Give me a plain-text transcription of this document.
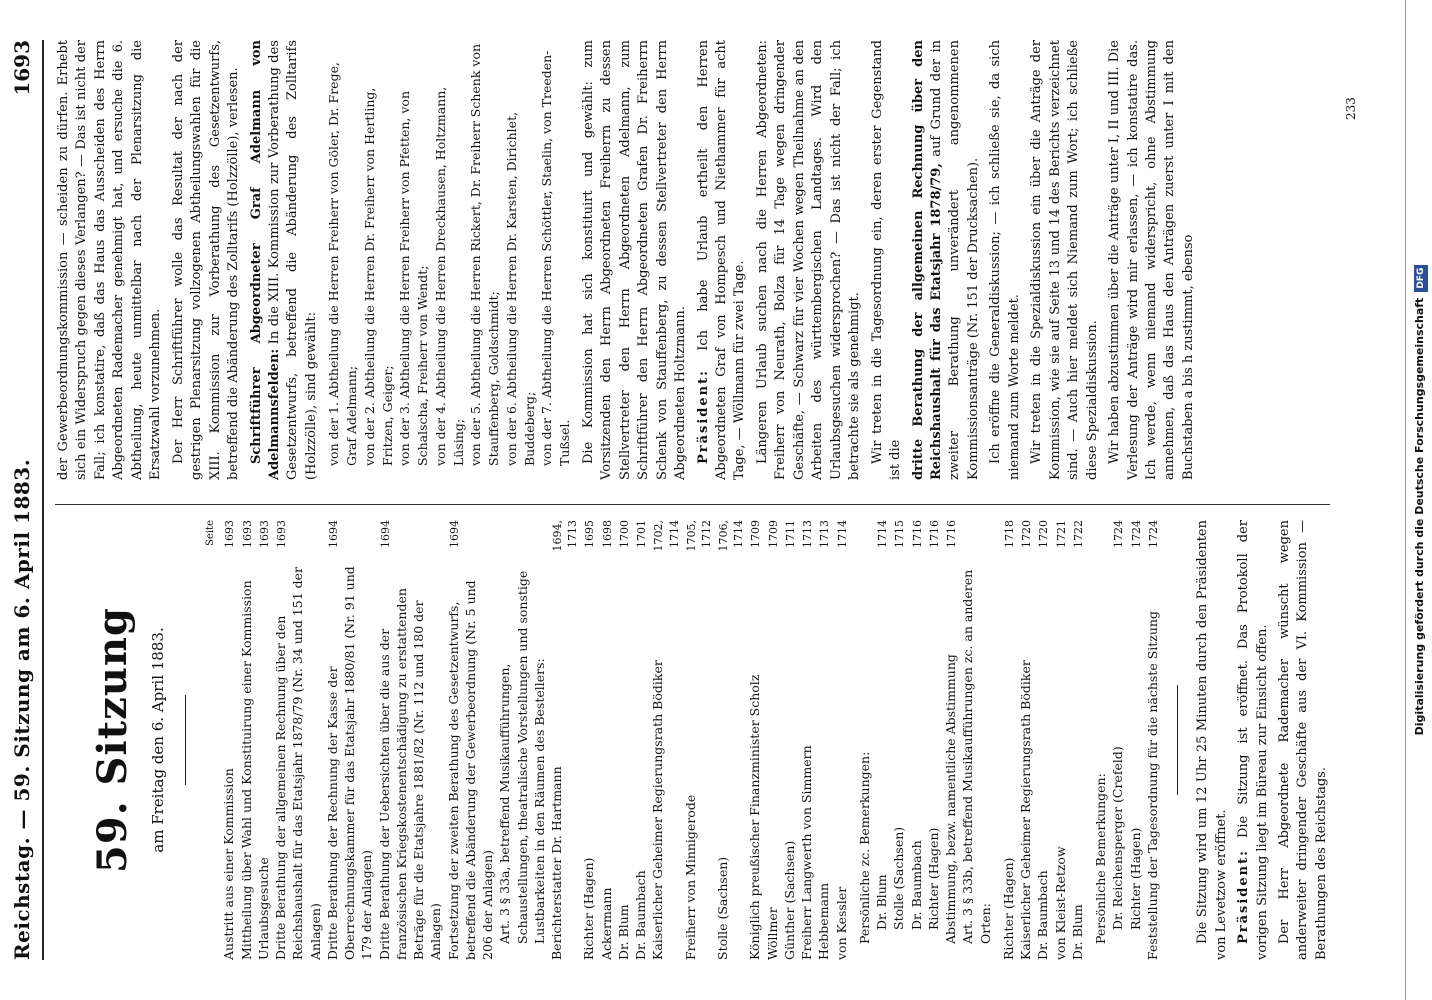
Reichstag. — 59. Sitzung am 6. April 1883.
1693
59. Sitzung am Freitag den 6. April 1883.
Seite
Austritt aus einer Kommission
1693
Mittheilung über Wahl und Konstituirung einer Kommission
1693
Urlaubsgesuche
1693
Dritte Berathung der allgemeinen Rechnung über den Reichshaushalt für das Etatsjahr 1878/79 (Nr. 34 und 151 der Anlagen)
1693
Dritte Berathung der Rechnung der Kasse der Oberrechnungskammer für das Etatsjahr 1880/81 (Nr. 91 und 179 der Anlagen)
1694
Dritte Berathung der Uebersichten über die aus der französischen Kriegskostenentschädigung zu erstattenden Beträge für die Etatsjahre 1881/82 (Nr. 112 und 180 der Anlagen)
1694
Fortsetzung der zweiten Berathung des Gesetzentwurfs, betreffend die Abänderung der Gewerbeordnung (Nr. 5 und 206 der Anlagen)
1694
Art. 3 § 33a, betreffend Musikaufführungen, Schaustellungen, theatralische Vorstellungen und sonstige Lustbarkeiten in den Räumen des Bestellers: Berichterstatter Dr. Hartmann
1694, 1713
Richter (Hagen)
1695
Ackermann
1698
Dr. Blum
1700
Dr. Baumbach
1701
Kaiserlicher Geheimer Regierungsrath Bödiker
1702, 1714
Freiherr von Minnigerode
1705, 1712
Stolle (Sachsen)
1706, 1714
Königlich preußischer Finanzminister Scholz
1709
Wöllmer
1709
Günther (Sachsen)
1711
Freiherr Langwerth von Simmern
1713
Hebbemann
1713
von Kessler
1714
Persönliche zc. Bemerkungen: Dr. Blum
1714
Stolle (Sachsen)
1715
Dr. Baumbach
1716
Richter (Hagen)
1716
Abstimmung, bezw. namentliche Abstimmung
1716
Art. 3 § 33b, betreffend Musikaufführungen zc. an anderen Orten: Richter (Hagen)
1718
Kaiserlicher Geheimer Regierungsrath Bödiker
1720
Dr. Baumbach
1720
von Kleist-Retzow
1721
Dr. Blum
1722
Persönliche Bemerkungen: Dr. Reichensperger (Crefeld)
1724
Richter (Hagen)
1724
Feststellung der Tagesordnung für die nächste Sitzung
1724	Die Sitzung wird um 12 Uhr 25 Minuten durch den Präsidenten von Levetzow eröffnet. Präsident: Die Sitzung ist eröffnet. Das Protokoll der vorigen Sitzung liegt im Büreau zur Einsicht offen. Der Herr Abgeordnete Rademacher wünscht wegen anderweiter dringender Geschäfte aus der VI. Kommission — Berathungen des Reichstags.

der Gewerbeordnungskommission — scheiden zu dürfen. Erhebt sich ein Widerspruch gegen dieses Verlangen? — Das ist nicht der Fall; ich konstatire, daß das Haus das Ausscheiden des Herrn Abgeordneten Rademacher genehmigt hat, und ersuche die 6. Abtheilung, heute unmittelbar nach der Plenarsitzung die Ersatzwahl vorzunehmen. Der Herr Schriftführer wolle das Resultat der nach der gestrigen Plenarsitzung vollzogenen Abtheilungswahlen für die XIII. Kommission zur Vorberathung des Gesetzentwurfs, betreffend die Abänderung des Zolltarifs (Holzzölle), verlesen. Schriftführer Abgeordneter Graf Adelmann von Adelmannsfelden: In die XIII. Kommission zur Vorberathung des Gesetzentwurfs, betreffend die Abänderung des Zolltarifs (Holzzölle), sind gewählt: von der 1. Abtheilung die Herren Freiherr von Göler, Dr. Frege, Graf Adelmann; von der 2. Abtheilung die Herren Dr. Freiherr von Hertling, Fritzen, Geiger; von der 3. Abtheilung die Herren Freiherr von Pfetten, von Schalscha, Freiherr von Wendt; von der 4. Abtheilung die Herren Dreckhausen, Holtzmann, Lüsing; von der 5. Abtheilung die Herren Rickert, Dr. Freiherr Schenk von Stauffenberg, Goldschmidt; von der 6. Abtheilung die Herren Dr. Karsten, Dirichlet, Buddeberg; von der 7. Abtheilung die Herren Schöttler, Staelin, von Treeden-Tußsel. Die Kommission hat sich konstituirt und gewählt: zum Vorsitzenden den Herrn Abgeordneten Freiherrn zu dessen Stellvertreter den Herrn Abgeordneten Adelmann, zum Schriftführer den Herrn Abgeordneten Grafen Dr. Freiherrn Schenk von Stauffenberg, zu dessen Stellvertreter den Herrn Abgeordneten Holtzmann. Präsident: Ich habe Urlaub ertheilt den Herren Abgeordneten Graf von Hompesch und Niethammer für acht Tage, — Wöllmann für zwei Tage. Längeren Urlaub suchen nach die Herren Abgeordneten: Freiherr von Neurath, Bolza für 14 Tage wegen dringender Geschäfte, — Schwarz für vier Wochen wegen Theilnahme an den Arbeiten des württembergischen Landtages. Wird den Urlaubsgesuchen widersprochen? — Das ist nicht der Fall; ich betrachte sie als genehmigt. Wir treten in die Tagesordnung ein, deren erster Gegenstand ist die dritte Berathung der allgemeinen Rechnung über den Reichshaushalt für das Etatsjahr 1878/79, auf Grund der in zweiter Berathung unverändert angenommenen Kommissionsanträge (Nr. 151 der Drucksachen). Ich eröffne die Generaldiskussion; — ich schließe sie, da sich niemand zum Worte meldet. Wir treten in die Spezialdiskussion ein über die Anträge der Kommission, wie sie auf Seite 13 und 14 des Berichts verzeichnet sind. — Auch hier meldet sich Niemand zum Wort; ich schließe diese Spezialdiskussion. Wir haben abzustimmen über die Anträge unter I, II und III. Die Verlesung der Anträge wird mir erlassen, — ich konstatire das. Ich werde, wenn niemand widerspricht, ohne Abstimmung annehmen, daß das Haus den Anträgen zuerst unter I mit den Buchstaben a bis h zustimmt, ebenso

233
Digitalisierung gefördert durch die Deutsche ForschungsgemeinschaftDFG
